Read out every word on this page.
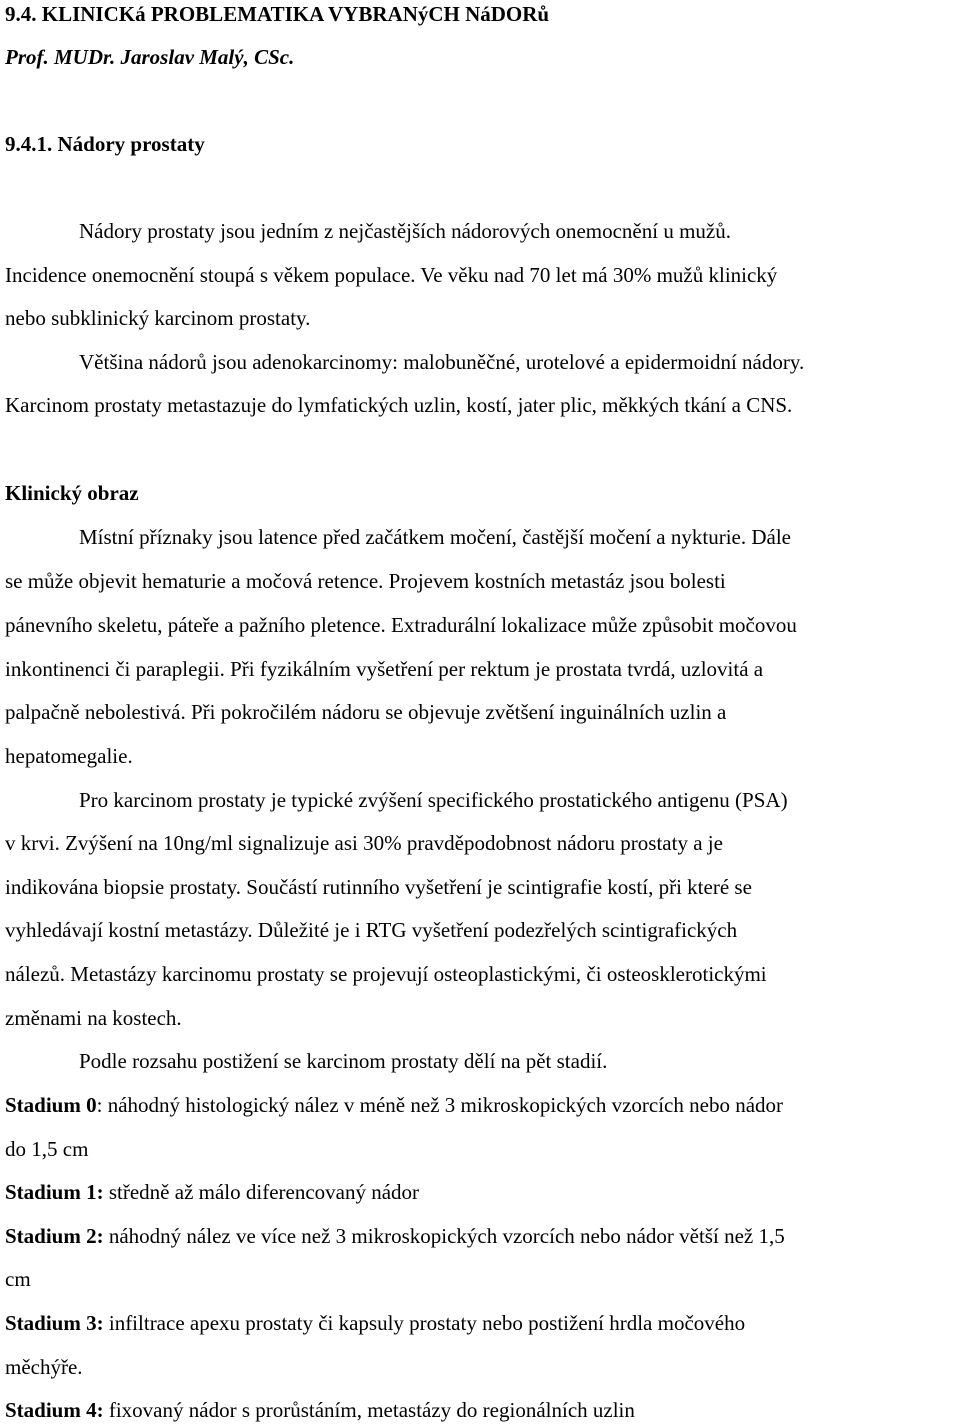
9.4. KLINICKá PROBLEMATIKA VYBRANýCH NáDORů
Prof. MUDr. Jaroslav Malý, CSc.
9.4.1. Nádory prostaty
Nádory prostaty jsou jedním z nejčastějších nádorových onemocnění u mužů.
Incidence onemocnění stoupá s věkem populace. Ve věku nad 70 let má 30% mužů klinický
nebo subklinický karcinom prostaty.
Většina nádorů jsou adenokarcinomy: malobuněčné, urotelové a epidermoidní nádory.
Karcinom prostaty metastazuje do lymfatických uzlin, kostí, jater plic, měkkých tkání a CNS.
Klinický obraz
Místní příznaky jsou latence před začátkem močení, častější močení a nykturie. Dále
se může objevit hematurie a močová retence. Projevem kostních metastáz jsou bolesti
pánevního skeletu, páteře a pažního pletence. Extradurální lokalizace může způsobit močovou
inkontinenci či paraplegii. Při fyzikálním vyšetření per rektum je prostata tvrdá, uzlovitá a
palpačně nebolestivá. Při pokročilém nádoru se objevuje zvětšení inguinálních uzlin a
hepatomegalie.
Pro karcinom prostaty je typické zvýšení specifického prostatického antigenu (PSA)
v krvi. Zvýšení na 10ng/ml signalizuje asi 30% pravděpodobnost nádoru prostaty a je
indikována biopsie prostaty. Součástí rutinního vyšetření je scintigrafie kostí, při které se
vyhledávají kostní metastázy. Důležité je i RTG vyšetření podezřelých scintigrafických
nálezů. Metastázy karcinomu prostaty se projevují osteoplastickými, či osteosklerotickými
změnami na kostech.
Podle rozsahu postižení se karcinom prostaty dělí na pět stadií.
Stadium 0: náhodný histologický nález v méně než 3 mikroskopických vzorcích nebo nádor
do 1,5 cm
Stadium 1: středně až málo diferencovaný nádor
Stadium 2: náhodný nález ve více než 3 mikroskopických vzorcích nebo nádor větší než 1,5
cm
Stadium 3: infiltrace apexu prostaty či kapsuly prostaty nebo postižení hrdla močového
měchýře.
Stadium 4: fixovaný nádor s prorůstáním, metastázy do regionálních uzlin
